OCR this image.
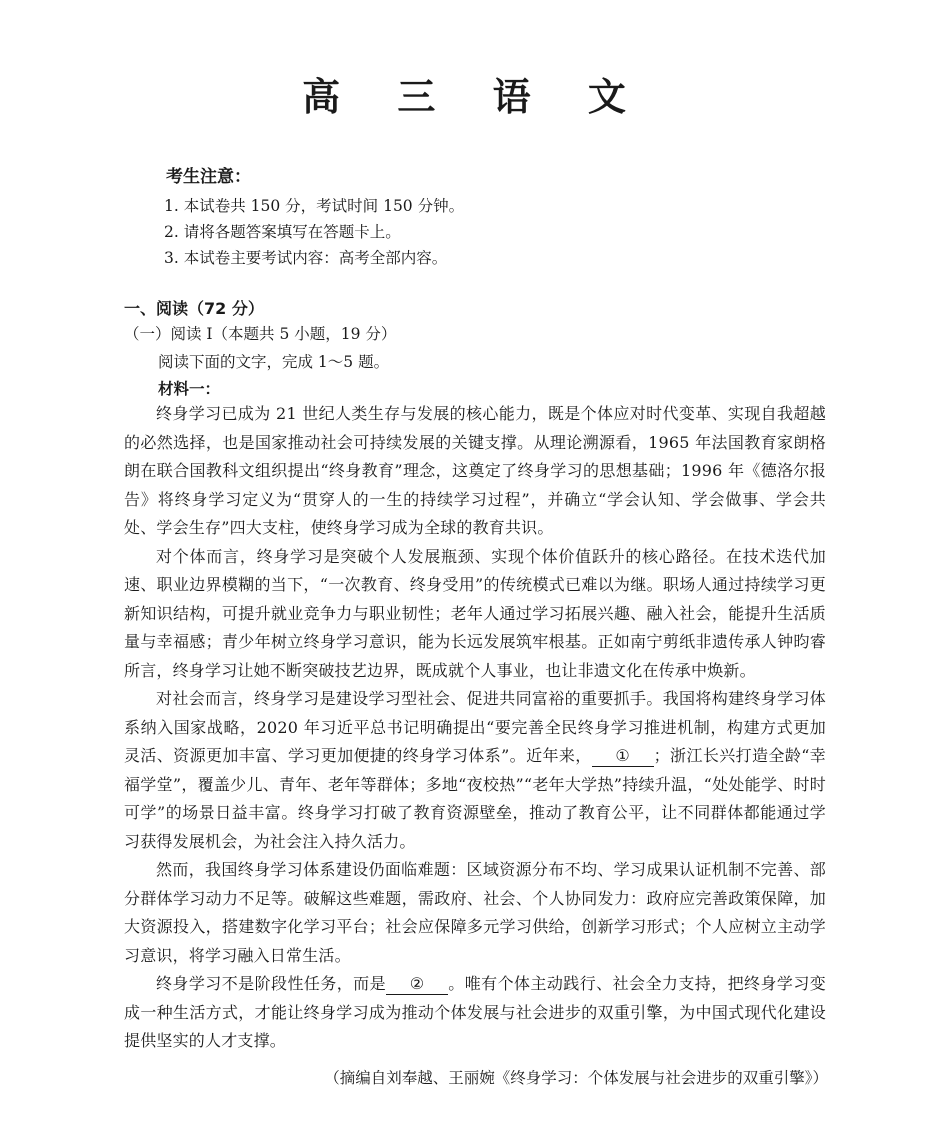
高 三 语 文
考生注意：
1. 本试卷共 150 分，考试时间 150 分钟。
2. 请将各题答案填写在答题卡上。
3. 本试卷主要考试内容：高考全部内容。
一、阅读（72 分）
（一）阅读 Ⅰ（本题共 5 小题，19 分）
阅读下面的文字，完成 1～5 题。
材料一：

终身学习已成为 21 世纪人类生存与发展的核心能力，既是个体应对时代变革、实现自我超越的必然选择，也是国家推动社会可持续发展的关键支撑。从理论溯源看，1965 年法国教育家朗格朗在联合国教科文组织提出“终身教育”理念，这奠定了终身学习的思想基础；1996 年《德洛尔报告》将终身学习定义为“贯穿人的一生的持续学习过程”，并确立“学会认知、学会做事、学会共处、学会生存”四大支柱，使终身学习成为全球的教育共识。

对个体而言，终身学习是突破个人发展瓶颈、实现个体价值跃升的核心路径。在技术迭代加速、职业边界模糊的当下，“一次教育、终身受用”的传统模式已难以为继。职场人通过持续学习更新知识结构，可提升就业竞争力与职业韧性；老年人通过学习拓展兴趣、融入社会，能提升生活质量与幸福感；青少年树立终身学习意识，能为长远发展筑牢根基。正如南宁剪纸非遗传承人钟昀睿所言，终身学习让她不断突破技艺边界，既成就个人事业，也让非遗文化在传承中焕新。

对社会而言，终身学习是建设学习型社会、促进共同富裕的重要抓手。我国将构建终身学习体系纳入国家战略，2020 年习近平总书记明确提出“要完善全民终身学习推进机制，构建方式更加灵活、资源更加丰富、学习更加便捷的终身学习体系”。近年来， ① ；浙江长兴打造全龄“幸福学堂”，覆盖少儿、青年、老年等群体；多地“夜校热”“老年大学热”持续升温，“处处能学、时时可学”的场景日益丰富。终身学习打破了教育资源壁垒，推动了教育公平，让不同群体都能通过学习获得发展机会，为社会注入持久活力。

然而，我国终身学习体系建设仍面临难题：区域资源分布不均、学习成果认证机制不完善、部分群体学习动力不足等。破解这些难题，需政府、社会、个人协同发力：政府应完善政策保障，加大资源投入，搭建数字化学习平台；社会应保障多元学习供给，创新学习形式；个人应树立主动学习意识，将学习融入日常生活。

终身学习不是阶段性任务，而是 ② 。唯有个体主动践行、社会全力支持，把终身学习变成一种生活方式，才能让终身学习成为推动个体发展与社会进步的双重引擎，为中国式现代化建设提供坚实的人才支撑。

（摘编自刘奉越、王丽婉《终身学习：个体发展与社会进步的双重引擎》）
